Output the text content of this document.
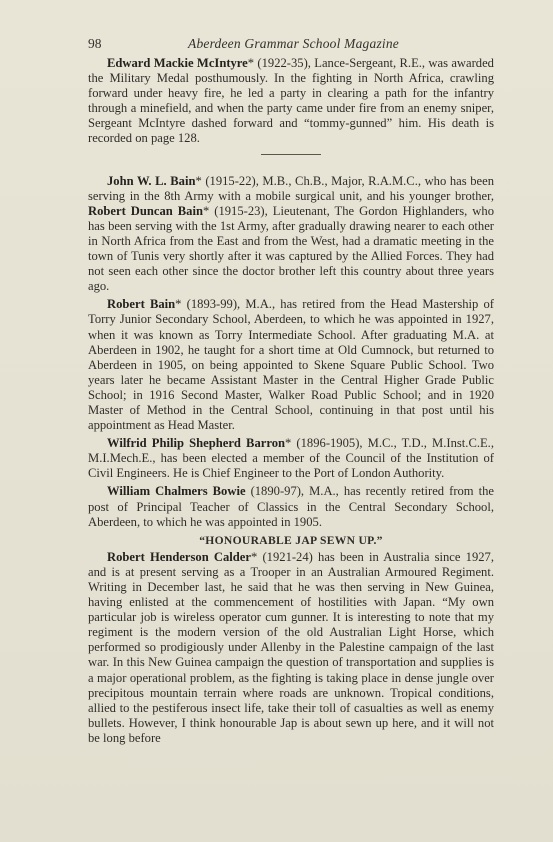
98	Aberdeen Grammar School Magazine

Edward Mackie McIntyre* (1922-35), Lance-Sergeant, R.E., was awarded the Military Medal posthumously. In the fighting in North Africa, crawling forward under heavy fire, he led a party in clearing a path for the infantry through a minefield, and when the party came under fire from an enemy sniper, Sergeant McIntyre dashed forward and “tommy-gunned” him. His death is recorded on page 128.

John W. L. Bain* (1915-22), M.B., Ch.B., Major, R.A.M.C., who has been serving in the 8th Army with a mobile surgical unit, and his younger brother, Robert Duncan Bain* (1915-23), Lieutenant, The Gordon Highlanders, who has been serving with the 1st Army, after gradually drawing nearer to each other in North Africa from the East and from the West, had a dramatic meeting in the town of Tunis very shortly after it was captured by the Allied Forces. They had not seen each other since the doctor brother left this country about three years ago.

Robert Bain* (1893-99), M.A., has retired from the Head Mastership of Torry Junior Secondary School, Aberdeen, to which he was appointed in 1927, when it was known as Torry Intermediate School. After graduating M.A. at Aberdeen in 1902, he taught for a short time at Old Cumnock, but returned to Aberdeen in 1905, on being appointed to Skene Square Public School. Two years later he became Assistant Master in the Central Higher Grade Public School; in 1916 Second Master, Walker Road Public School; and in 1920 Master of Method in the Central School, continuing in that post until his appointment as Head Master.

Wilfrid Philip Shepherd Barron* (1896-1905), M.C., T.D., M.Inst.C.E., M.I.Mech.E., has been elected a member of the Council of the Institution of Civil Engineers. He is Chief Engineer to the Port of London Authority.

William Chalmers Bowie (1890-97), M.A., has recently retired from the post of Principal Teacher of Classics in the Central Secondary School, Aberdeen, to which he was appointed in 1905.

“HONOURABLE JAP SEWN UP.”

Robert Henderson Calder* (1921-24) has been in Australia since 1927, and is at present serving as a Trooper in an Australian Armoured Regiment. Writing in December last, he said that he was then serving in New Guinea, having enlisted at the commencement of hostilities with Japan. “My own particular job is wireless operator cum gunner. It is interesting to note that my regiment is the modern version of the old Australian Light Horse, which performed so prodigiously under Allenby in the Palestine campaign of the last war. In this New Guinea campaign the question of transportation and supplies is a major operational problem, as the fighting is taking place in dense jungle over precipitous mountain terrain where roads are unknown. Tropical conditions, allied to the pestiferous insect life, take their toll of casualties as well as enemy bullets. However, I think honourable Jap is about sewn up here, and it will not be long before
